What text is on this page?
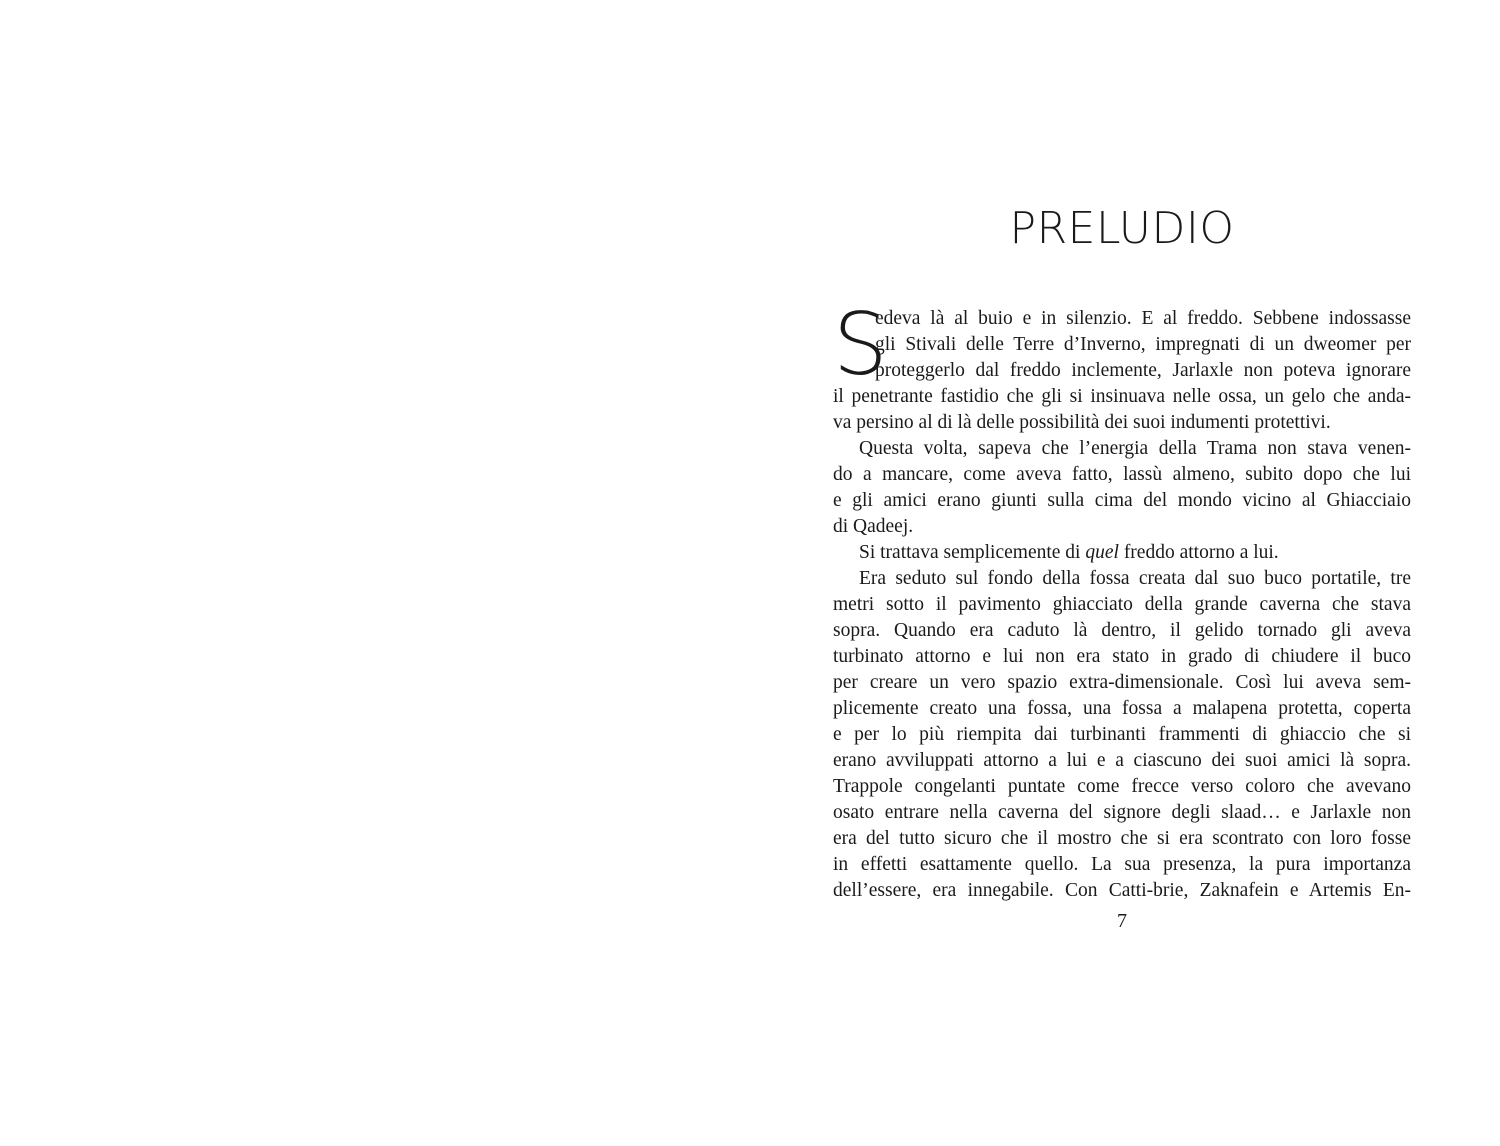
PRELUDIO
S
edeva là al buio e in silenzio. E al freddo. Sebbene indossasse
gli Stivali delle Terre d’Inverno, impregnati di un dweomer per
proteggerlo dal freddo inclemente, Jarlaxle non poteva ignorare
il penetrante fastidio che gli si insinuava nelle ossa, un gelo che anda-
va persino al di là delle possibilità dei suoi indumenti protettivi.
Questa volta, sapeva che l’energia della Trama non stava venen-
do a mancare, come aveva fatto, lassù almeno, subito dopo che lui
e gli amici erano giunti sulla cima del mondo vicino al Ghiacciaio
di Qadeej.
Si trattava semplicemente di quel freddo attorno a lui.
Era seduto sul fondo della fossa creata dal suo buco portatile, tre
metri sotto il pavimento ghiacciato della grande caverna che stava
sopra. Quando era caduto là dentro, il gelido tornado gli aveva
turbinato attorno e lui non era stato in grado di chiudere il buco
per creare un vero spazio extra-dimensionale. Così lui aveva sem-
plicemente creato una fossa, una fossa a malapena protetta, coperta
e per lo più riempita dai turbinanti frammenti di ghiaccio che si
erano avviluppati attorno a lui e a ciascuno dei suoi amici là sopra.
Trappole congelanti puntate come frecce verso coloro che avevano
osato entrare nella caverna del signore degli slaad… e Jarlaxle non
era del tutto sicuro che il mostro che si era scontrato con loro fosse
in effetti esattamente quello. La sua presenza, la pura importanza
dell’essere, era innegabile. Con Catti-brie, Zaknafein e Artemis En-
7
